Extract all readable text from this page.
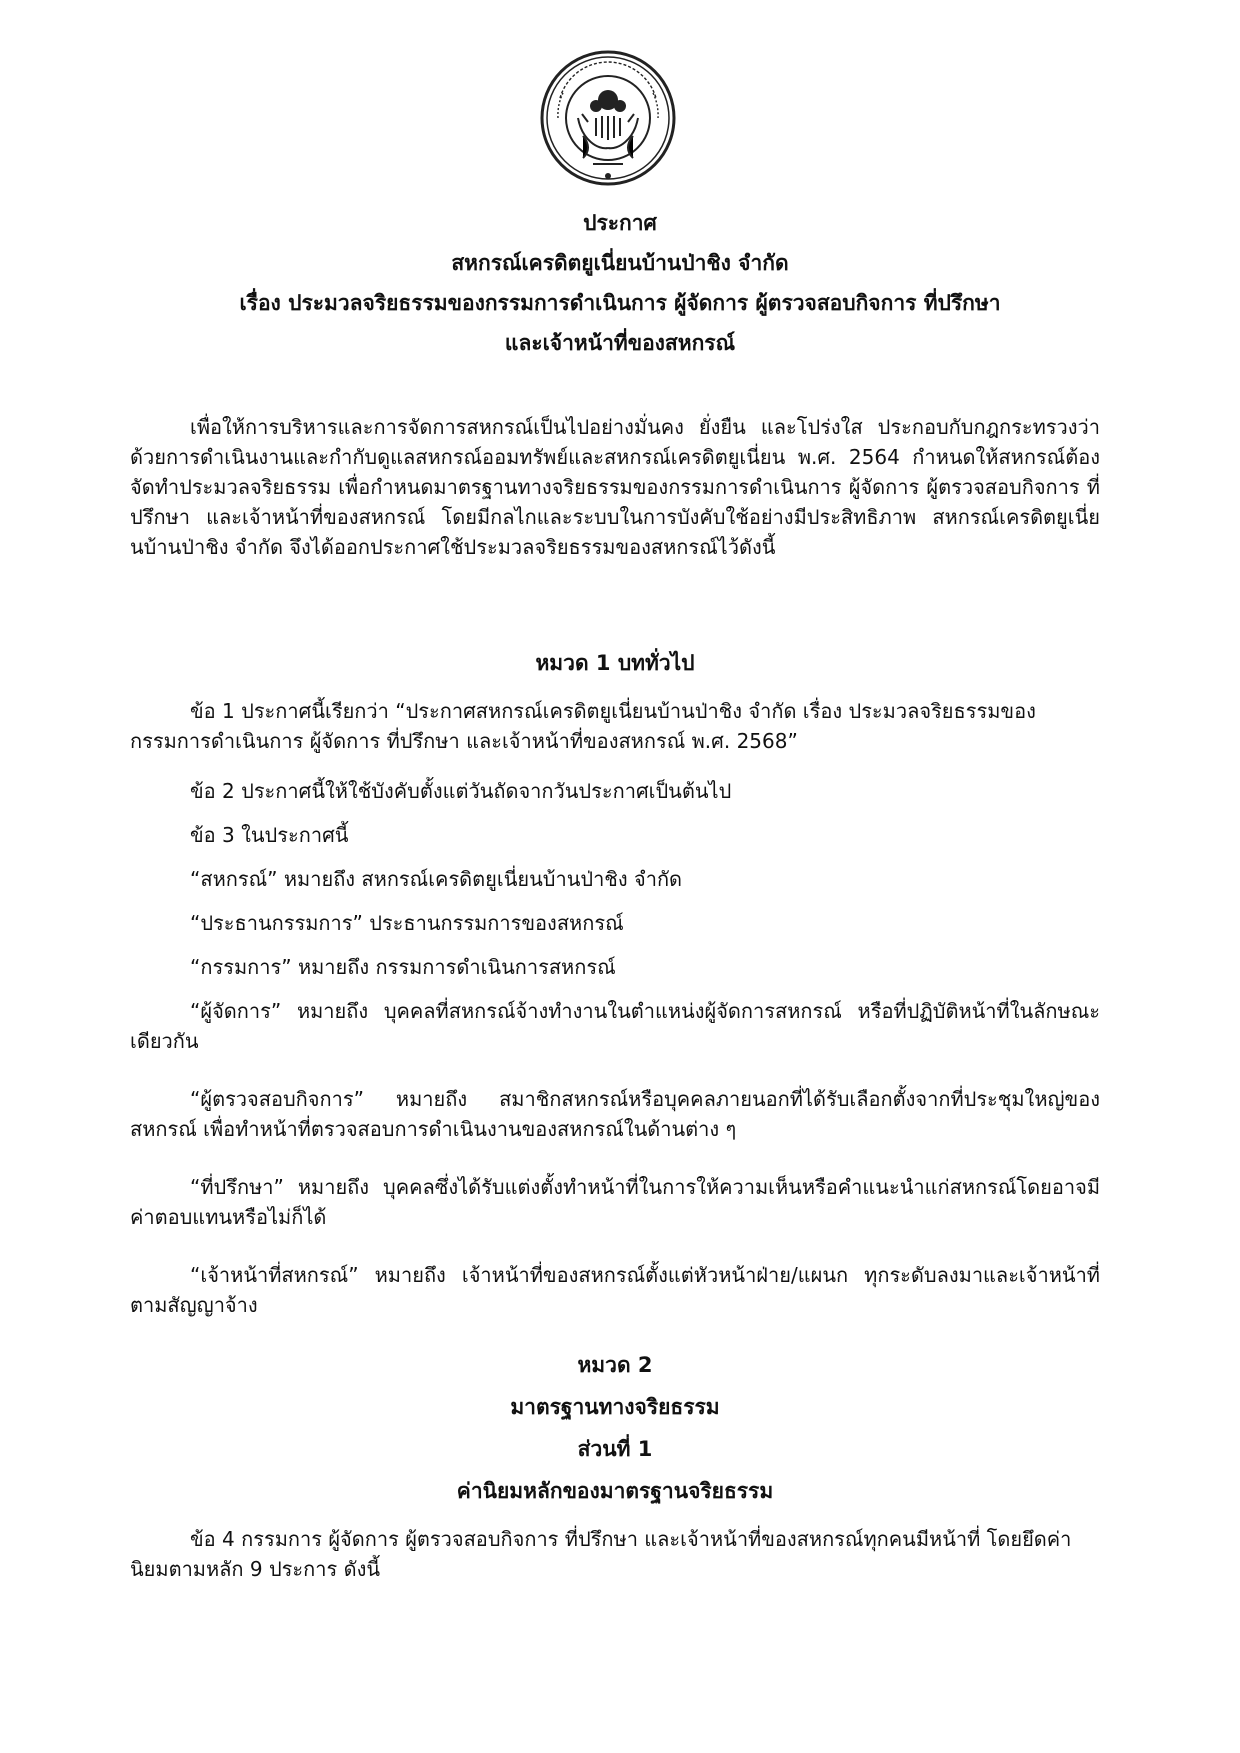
ประกาศ

สหกรณ์เครดิตยูเนี่ยนบ้านป่าชิง จำกัด

เรื่อง ประมวลจริยธรรมของกรรมการดำเนินการ ผู้จัดการ ผู้ตรวจสอบกิจการ ที่ปรึกษา

และเจ้าหน้าที่ของสหกรณ์

เพื่อให้การบริหารและการจัดการสหกรณ์เป็นไปอย่างมั่นคง ยั่งยืน และโปร่งใส ประกอบกับกฎกระทรวงว่าด้วยการดำเนินงานและกำกับดูแลสหกรณ์ออมทรัพย์และสหกรณ์เครดิตยูเนี่ยน พ.ศ. 2564 กำหนดให้สหกรณ์ต้องจัดทำประมวลจริยธรรม เพื่อกำหนดมาตรฐานทางจริยธรรมของกรรมการดำเนินการ ผู้จัดการ ผู้ตรวจสอบกิจการ ที่ปรึกษา และเจ้าหน้าที่ของสหกรณ์ โดยมีกลไกและระบบในการบังคับใช้อย่างมีประสิทธิภาพ สหกรณ์เครดิตยูเนี่ยนบ้านป่าชิง จำกัด จึงได้ออกประกาศใช้ประมวลจริยธรรมของสหกรณ์ไว้ดังนี้

หมวด 1 บททั่วไป

ข้อ 1 ประกาศนี้เรียกว่า “ประกาศสหกรณ์เครดิตยูเนี่ยนบ้านป่าชิง จำกัด เรื่อง ประมวลจริยธรรมของกรรมการดำเนินการ ผู้จัดการ ที่ปรึกษา และเจ้าหน้าที่ของสหกรณ์ พ.ศ. 2568”

ข้อ 2 ประกาศนี้ให้ใช้บังคับตั้งแต่วันถัดจากวันประกาศเป็นต้นไป

ข้อ 3 ในประกาศนี้

“สหกรณ์” หมายถึง สหกรณ์เครดิตยูเนี่ยนบ้านป่าชิง จำกัด

“ประธานกรรมการ” ประธานกรรมการของสหกรณ์

“กรรมการ” หมายถึง กรรมการดำเนินการสหกรณ์

“ผู้จัดการ” หมายถึง บุคคลที่สหกรณ์จ้างทำงานในตำแหน่งผู้จัดการสหกรณ์ หรือที่ปฏิบัติหน้าที่ในลักษณะเดียวกัน

“ผู้ตรวจสอบกิจการ” หมายถึง สมาชิกสหกรณ์หรือบุคคลภายนอกที่ได้รับเลือกตั้งจากที่ประชุมใหญ่ของสหกรณ์ เพื่อทำหน้าที่ตรวจสอบการดำเนินงานของสหกรณ์ในด้านต่าง ๆ

“ที่ปรึกษา” หมายถึง บุคคลซึ่งได้รับแต่งตั้งทำหน้าที่ในการให้ความเห็นหรือคำแนะนำแก่สหกรณ์โดยอาจมีค่าตอบแทนหรือไม่ก็ได้

“เจ้าหน้าที่สหกรณ์” หมายถึง เจ้าหน้าที่ของสหกรณ์ตั้งแต่หัวหน้าฝ่าย/แผนก ทุกระดับลงมาและเจ้าหน้าที่ตามสัญญาจ้าง

หมวด 2

มาตรฐานทางจริยธรรม

ส่วนที่ 1

ค่านิยมหลักของมาตรฐานจริยธรรม

ข้อ 4 กรรมการ ผู้จัดการ ผู้ตรวจสอบกิจการ ที่ปรึกษา และเจ้าหน้าที่ของสหกรณ์ทุกคนมีหน้าที่ โดยยึดค่านิยมตามหลัก 9 ประการ ดังนี้
